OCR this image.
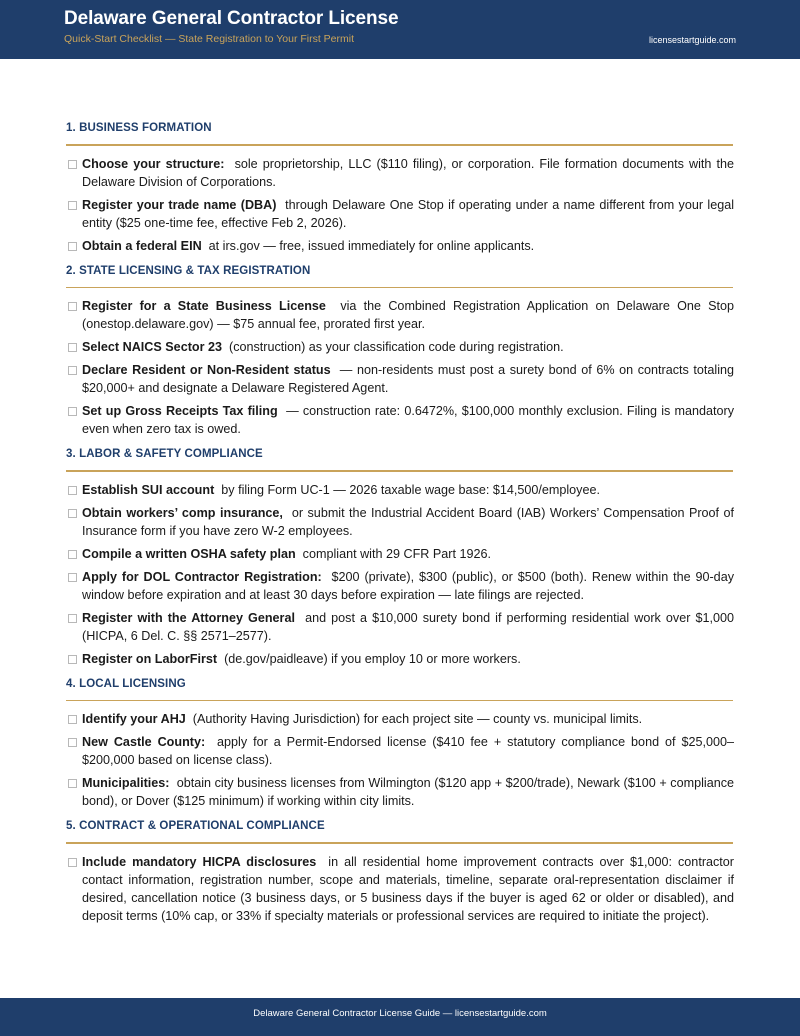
Delaware General Contractor License
Quick-Start Checklist — State Registration to Your First Permit	licensestartguide.com
1. BUSINESS FORMATION
Choose your structure: sole proprietorship, LLC ($110 filing), or corporation. File formation documents with the Delaware Division of Corporations.
Register your trade name (DBA) through Delaware One Stop if operating under a name different from your legal entity ($25 one-time fee, effective Feb 2, 2026).
Obtain a federal EIN at irs.gov — free, issued immediately for online applicants.
2. STATE LICENSING & TAX REGISTRATION
Register for a State Business License via the Combined Registration Application on Delaware One Stop (onestop.delaware.gov) — $75 annual fee, prorated first year.
Select NAICS Sector 23 (construction) as your classification code during registration.
Declare Resident or Non-Resident status — non-residents must post a surety bond of 6% on contracts totaling $20,000+ and designate a Delaware Registered Agent.
Set up Gross Receipts Tax filing — construction rate: 0.6472%, $100,000 monthly exclusion. Filing is mandatory even when zero tax is owed.
3. LABOR & SAFETY COMPLIANCE
Establish SUI account by filing Form UC-1 — 2026 taxable wage base: $14,500/employee.
Obtain workers’ comp insurance, or submit the Industrial Accident Board (IAB) Workers’ Compensation Proof of Insurance form if you have zero W-2 employees.
Compile a written OSHA safety plan compliant with 29 CFR Part 1926.
Apply for DOL Contractor Registration: $200 (private), $300 (public), or $500 (both). Renew within the 90-day window before expiration and at least 30 days before expiration — late filings are rejected.
Register with the Attorney General and post a $10,000 surety bond if performing residential work over $1,000 (HICPA, 6 Del. C. §§ 2571–2577).
Register on LaborFirst (de.gov/paidleave) if you employ 10 or more workers.
4. LOCAL LICENSING
Identify your AHJ (Authority Having Jurisdiction) for each project site — county vs. municipal limits.
New Castle County: apply for a Permit-Endorsed license ($410 fee + statutory compliance bond of $25,000–$200,000 based on license class).
Municipalities: obtain city business licenses from Wilmington ($120 app + $200/trade), Newark ($100 + compliance bond), or Dover ($125 minimum) if working within city limits.
5. CONTRACT & OPERATIONAL COMPLIANCE
Include mandatory HICPA disclosures in all residential home improvement contracts over $1,000: contractor contact information, registration number, scope and materials, timeline, separate oral-representation disclaimer if desired, cancellation notice (3 business days, or 5 business days if the buyer is aged 62 or older or disabled), and deposit terms (10% cap, or 33% if specialty materials or professional services are required to initiate the project).
Delaware General Contractor License Guide — licensestartguide.com
